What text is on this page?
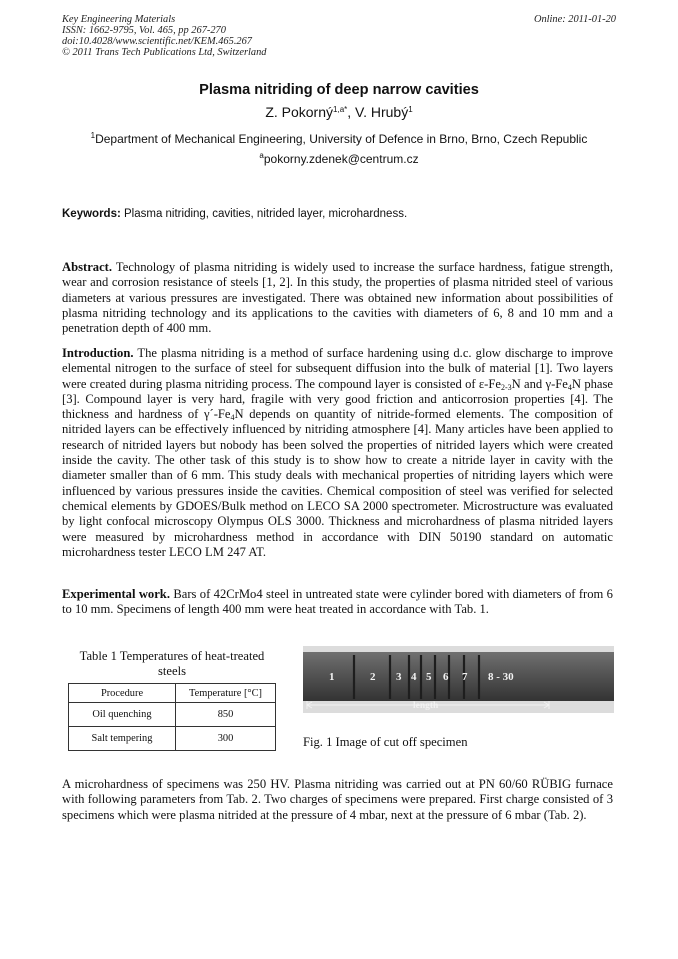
Key Engineering Materials
ISSN: 1662-9795, Vol. 465, pp 267-270
doi:10.4028/www.scientific.net/KEM.465.267
© 2011 Trans Tech Publications Ltd, Switzerland
Online: 2011-01-20
Plasma nitriding of deep narrow cavities
Z. Pokorný$^{1,a*}$, V. Hrubý$^1$
$^1$Department of Mechanical Engineering, University of Defence in Brno, Brno, Czech Republic
$^a$pokorny.zdenek@centrum.cz
Keywords: Plasma nitriding, cavities, nitrided layer, microhardness.
Abstract. Technology of plasma nitriding is widely used to increase the surface hardness, fatigue strength, wear and corrosion resistance of steels [1, 2]. In this study, the properties of plasma nitrided steel of various diameters at various pressures are investigated. There was obtained new information about possibilities of plasma nitriding technology and its applications to the cavities with diameters of 6, 8 and 10 mm and a penetration depth of 400 mm.
Introduction. The plasma nitriding is a method of surface hardening using d.c. glow discharge to improve elemental nitrogen to the surface of steel for subsequent diffusion into the bulk of material [1]. Two layers were created during plasma nitriding process. The compound layer is consisted of $\varepsilon-Fe_{2-3}N$ and $\gamma-Fe_4N$ phase [3]. Compound layer is very hard, fragile with very good friction and anticorrosion properties [4]. The thickness and hardness of $\gamma´-Fe_4N$ depends on quantity of nitride-formed elements. The composition of nitrided layers can be effectively influenced by nitriding atmosphere [4]. Many articles have been applied to research of nitrided layers but nobody has been solved the properties of nitrided layers which were created inside the cavity. The other task of this study is to show how to create a nitride layer in cavity with the diameter smaller than of 6 mm. This study deals with mechanical properties of nitriding layers which were influenced by various pressures inside the cavities. Chemical composition of steel was verified for selected chemical elements by GDOES/Bulk method on LECO SA 2000 spectrometer. Microstructure was evaluated by light confocal microscopy Olympus OLS 3000. Thickness and microhardness of plasma nitrided layers were measured by microhardness method in accordance with DIN 50190 standard on automatic microhardness tester LECO LM 247 AT.
Experimental work. Bars of 42CrMo4 steel in untreated state were cylinder bored with diameters of from 6 to 10 mm. Specimens of length 400 mm were heat treated in accordance with Tab. 1.
Table 1 Temperatures of heat-treated steels
Procedure	Temperature [°C]
Oil quenching	850
Salt tempering	300
1	2 3 4 5 6 7 8 - 30
length
Fig. 1 Image of cut off specimen
A microhardness of specimens was 250 HV. Plasma nitriding was carried out at PN 60/60 RÜBIG furnace with following parameters from Tab. 2. Two charges of specimens were prepared. First charge consisted of 3 specimens which were plasma nitrided at the pressure of 4 mbar, next at the pressure of 6 mbar (Tab. 2).
